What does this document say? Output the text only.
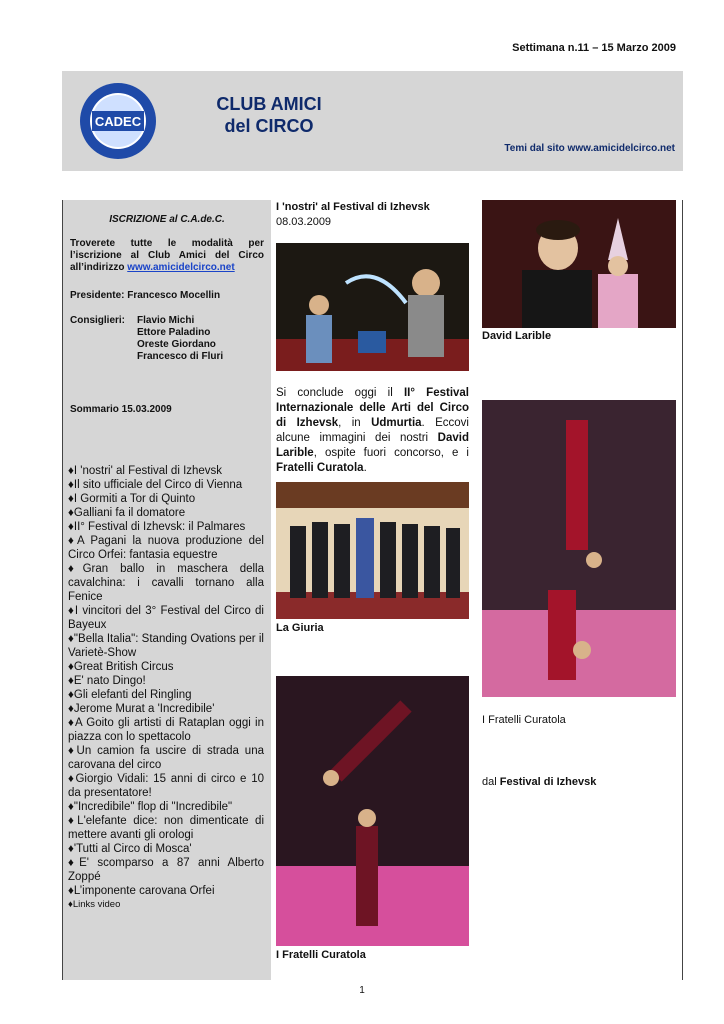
Settimana n.11 – 15 Marzo 2009
CADEC
CLUB AMICI
del CIRCO
Temi dal sito www.amicidelcirco.net
ISCRIZIONE al C.A.de.C.
Troverete tutte le modalità per l’iscrizione al Club Amici del Circo all’indirizzo www.amicidelcirco.net
Presidente: Francesco Mocellin
Consiglieri: Flavio Michi
Ettore Paladino
Oreste Giordano
Francesco di Fluri
Sommario 15.03.2009
♦I 'nostri' al Festival di Izhevsk
♦Il sito ufficiale del Circo di Vienna
♦I Gormiti a Tor di Quinto
♦Galliani fa il domatore
♦II° Festival di Izhevsk: il Palmares
♦A Pagani la nuova produzione del Circo Orfei: fantasia equestre
♦Gran ballo in maschera della cavalchina: i cavalli tornano alla Fenice
♦I vincitori del 3° Festival del Circo di Bayeux
♦"Bella Italia": Standing Ovations per il Varietè-Show
♦Great British Circus
♦E' nato Dingo!
♦Gli elefanti del Ringling
♦Jerome Murat a 'Incredibile'
♦A Goito gli artisti di Rataplan oggi in piazza con lo spettacolo
♦Un camion fa uscire di strada una carovana del circo
♦Giorgio Vidali: 15 anni di circo e 10 da presentatore!
♦"Incredibile" flop di "Incredibile"
♦L'elefante dice: non dimenticate di mettere avanti gli orologi
♦'Tutti al Circo di Mosca'
♦E' scomparso a 87 anni Alberto Zoppé
♦L’imponente carovana Orfei
♦Links video
I 'nostri' al Festival di Izhevsk
08.03.2009
Si conclude oggi il II° Festival Internazionale delle Arti del Circo di Izhevsk, in Udmurtia. Eccovi alcune immagini dei nostri David Larible, ospite fuori concorso, e i Fratelli Curatola.
La Giuria
I Fratelli Curatola
David Larible
I Fratelli Curatola
dal Festival di Izhevsk
1
